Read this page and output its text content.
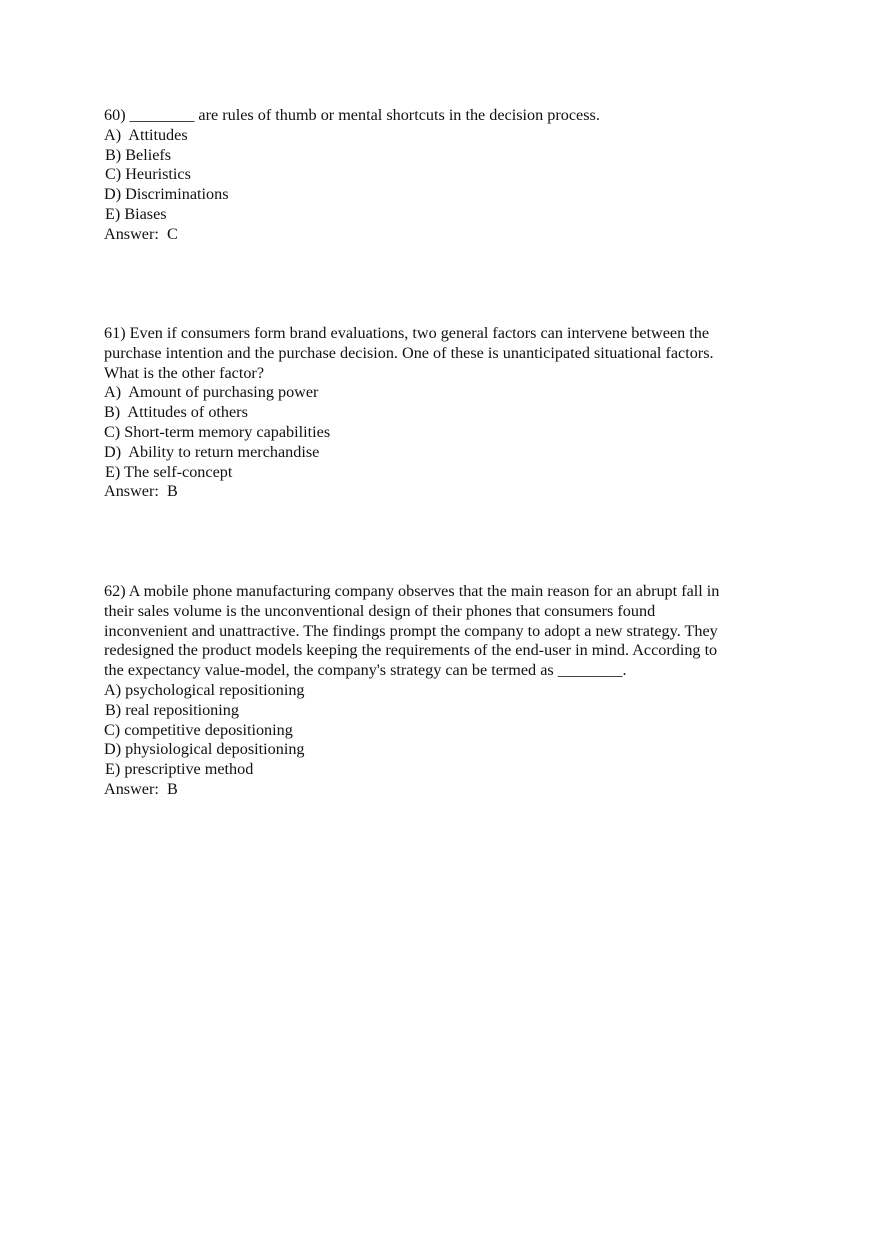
60) ________ are rules of thumb or mental shortcuts in the decision process.

A)  Attitudes

B) Beliefs

C) Heuristics

D) Discriminations

E) Biases

Answer:  C

61) Even if consumers form brand evaluations, two general factors can intervene between the

purchase intention and the purchase decision. One of these is unanticipated situational factors.

What is the other factor?

A)  Amount of purchasing power

B)  Attitudes of others

C) Short-term memory capabilities

D)  Ability to return merchandise

E) The self-concept

Answer:  B

62) A mobile phone manufacturing company observes that the main reason for an abrupt fall in

their sales volume is the unconventional design of their phones that consumers found

inconvenient and unattractive. The findings prompt the company to adopt a new strategy. They

redesigned the product models keeping the requirements of the end-user in mind. According to

the expectancy value-model, the company's strategy can be termed as ________.

A) psychological repositioning

B) real repositioning

C) competitive depositioning

D) physiological depositioning

E) prescriptive method

Answer:  B
